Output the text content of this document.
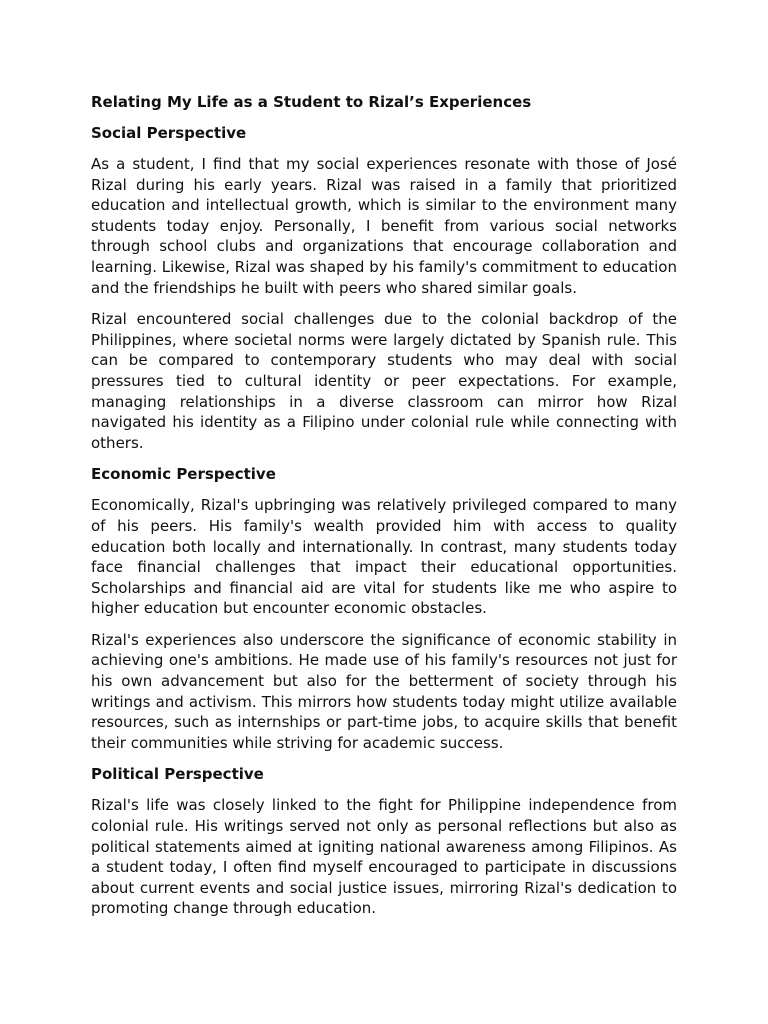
Relating My Life as a Student to Rizal’s Experiences
Social Perspective
As a student, I find that my social experiences resonate with those of José Rizal during his early years. Rizal was raised in a family that prioritized education and intellectual growth, which is similar to the environment many students today enjoy. Personally, I benefit from various social networks through school clubs and organizations that encourage collaboration and learning. Likewise, Rizal was shaped by his family's commitment to education and the friendships he built with peers who shared similar goals.
Rizal encountered social challenges due to the colonial backdrop of the Philippines, where societal norms were largely dictated by Spanish rule. This can be compared to contemporary students who may deal with social pressures tied to cultural identity or peer expectations. For example, managing relationships in a diverse classroom can mirror how Rizal navigated his identity as a Filipino under colonial rule while connecting with others.
Economic Perspective
Economically, Rizal's upbringing was relatively privileged compared to many of his peers. His family's wealth provided him with access to quality education both locally and internationally. In contrast, many students today face financial challenges that impact their educational opportunities. Scholarships and financial aid are vital for students like me who aspire to higher education but encounter economic obstacles.
Rizal's experiences also underscore the significance of economic stability in achieving one's ambitions. He made use of his family's resources not just for his own advancement but also for the betterment of society through his writings and activism. This mirrors how students today might utilize available resources, such as internships or part-time jobs, to acquire skills that benefit their communities while striving for academic success.
Political Perspective
Rizal's life was closely linked to the fight for Philippine independence from colonial rule. His writings served not only as personal reflections but also as political statements aimed at igniting national awareness among Filipinos. As a student today, I often find myself encouraged to participate in discussions about current events and social justice issues, mirroring Rizal's dedication to promoting change through education.
